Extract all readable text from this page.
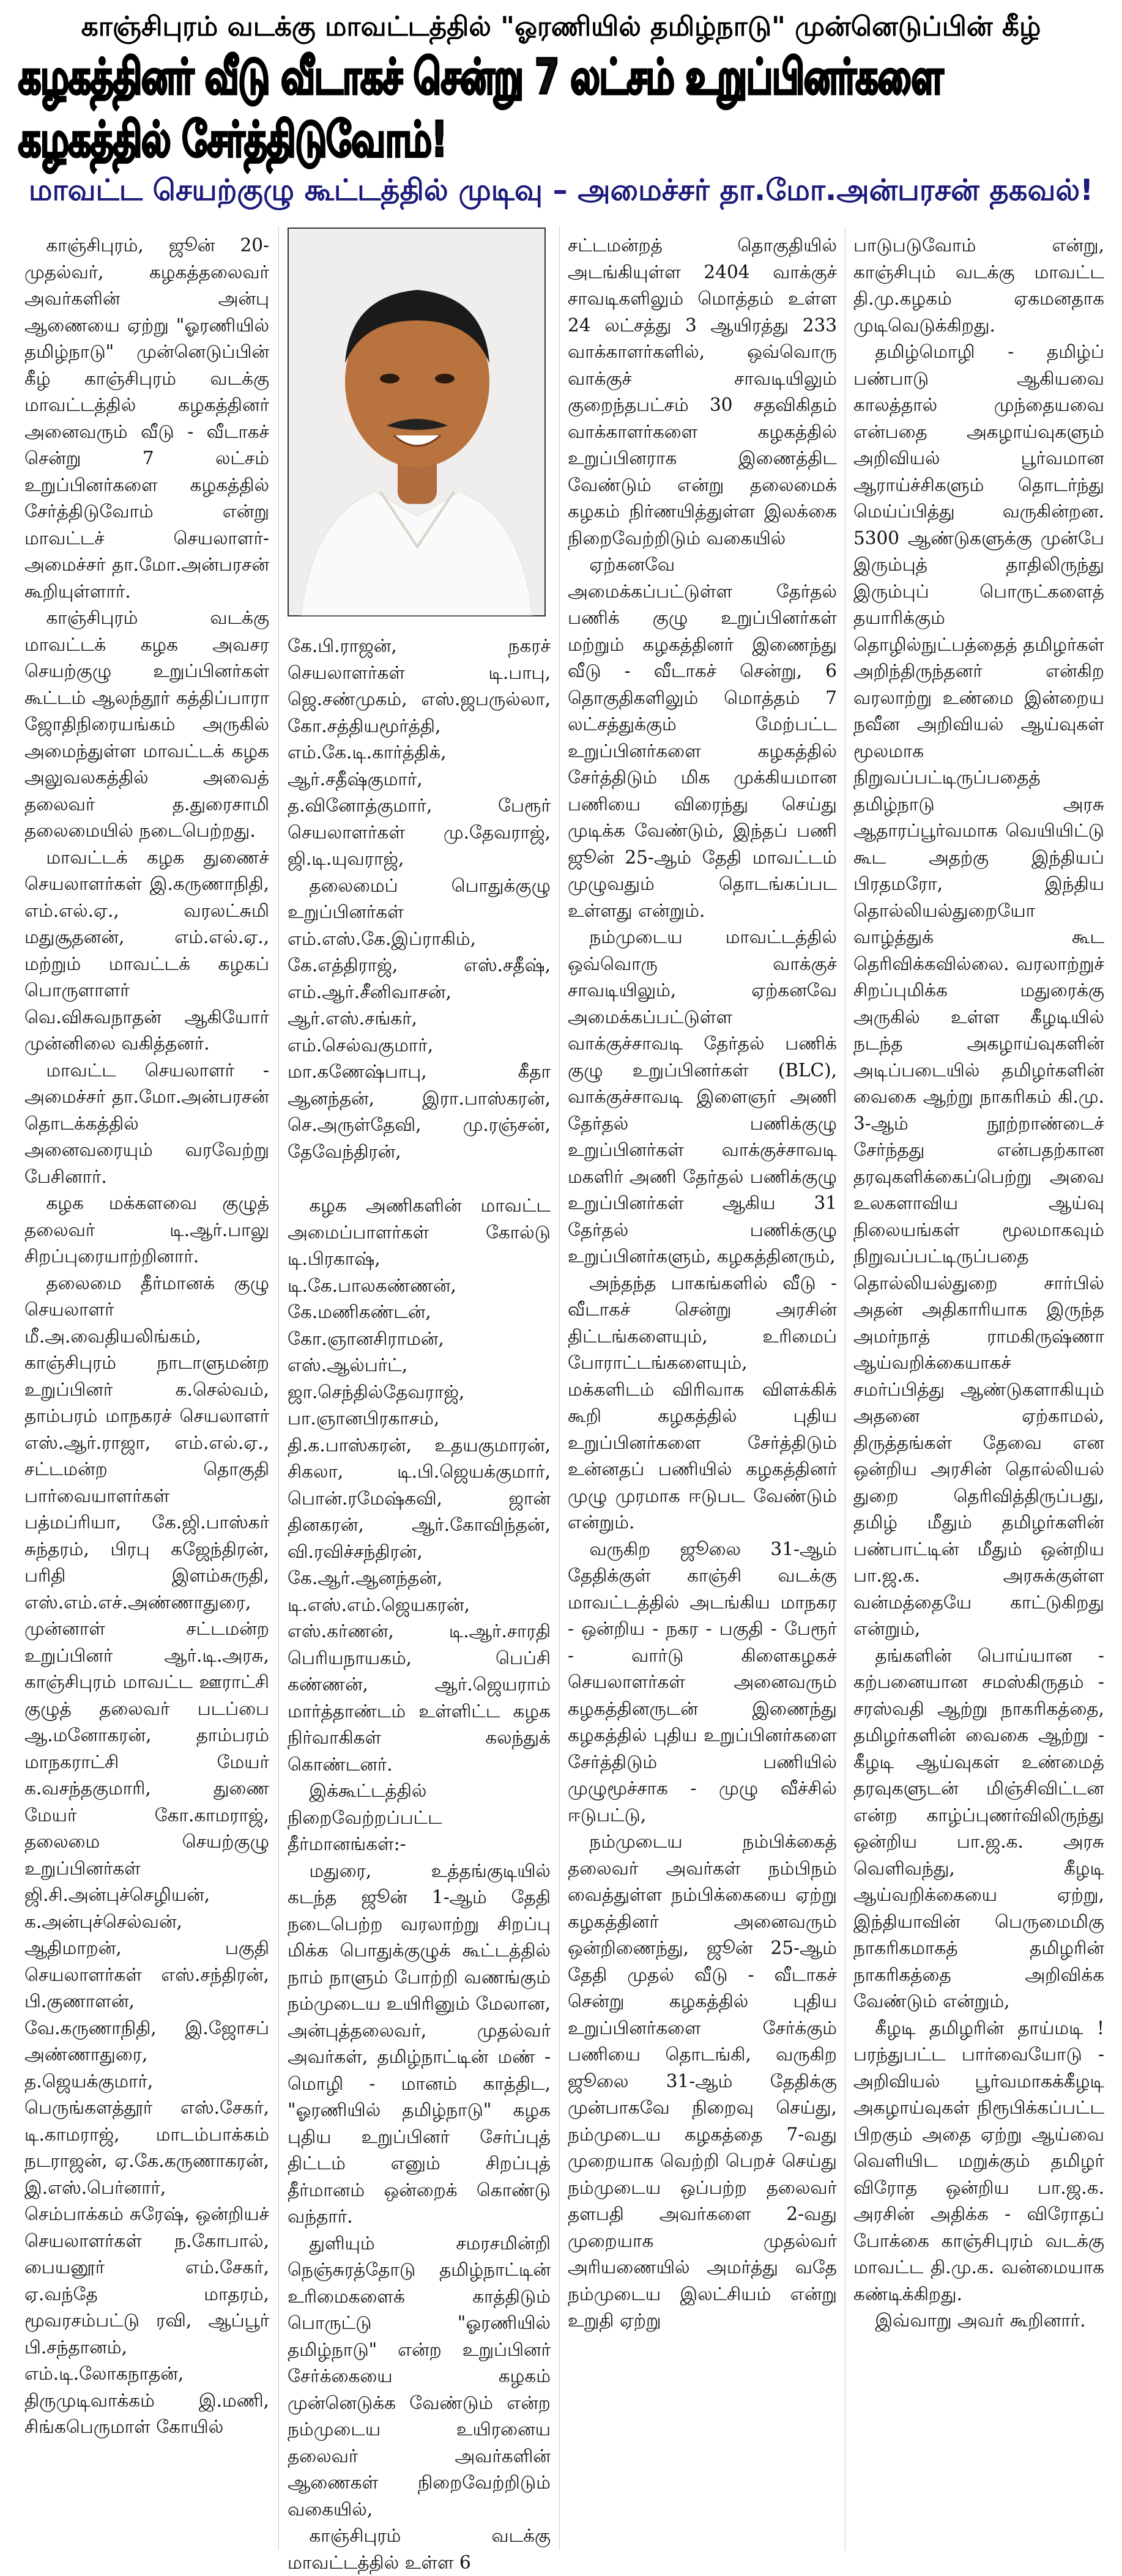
காஞ்சிபுரம் வடக்கு மாவட்டத்தில் "ஓரணியில் தமிழ்நாடு" முன்னெடுப்பின் கீழ்
கழகத்தினர் வீடு வீடாகச் சென்று 7 லட்சம் உறுப்பினர்களை கழகத்தில் சேர்த்திடுவோம்!
மாவட்ட செயற்குழு கூட்டத்தில் முடிவு – அமைச்சர் தா.மோ.அன்பரசன் தகவல்!

காஞ்சிபுரம், ஜூன் 20- முதல்வர், கழகத்தலைவர் அவர்களின் அன்பு ஆணையை ஏற்று "ஓரணியில் தமிழ்நாடு" முன்னெடுப்பின் கீழ் காஞ்சிபுரம் வடக்கு மாவட்டத்தில் கழகத்தினர் அனைவரும் வீடு - வீடாகச் சென்று 7 லட்சம் உறுப்பினர்களை கழகத்தில் சேர்த்திடுவோம் என்று மாவட்டச் செயலாளர்- அமைச்சர் தா.மோ.அன்பரசன் கூறியுள்ளார்.

காஞ்சிபுரம் வடக்கு மாவட்டக் கழக அவசர செயற்குழு உறுப்பினர்கள் கூட்டம் ஆலந்தூர் கத்திப்பாரா ஜோதிநிரையங்கம் அருகில் அமைந்துள்ள மாவட்டக் கழக அலுவலகத்தில் அவைத் தலைவர் த.துரைசாமி தலைமையில் நடைபெற்றது.

மாவட்டக் கழக துணைச் செயலாளர்கள் இ.கருணாநிதி, எம்.எல்.ஏ., வரலட்சுமி மதுசூதனன், எம்.எல்.ஏ., மற்றும் மாவட்டக் கழகப் பொருளாளர் வெ.விசுவநாதன் ஆகியோர் முன்னிலை வகித்தனர்.

மாவட்ட செயலாளர் - அமைச்சர் தா.மோ.அன்பரசன் தொடக்கத்தில் அனைவரையும் வரவேற்று பேசினார்.

கழக மக்களவை குழுத் தலைவர் டி.ஆர்.பாலு சிறப்புரையாற்றினார்.

தலைமை தீர்மானக் குழு செயலாளர் மீ.அ.வைதியலிங்கம், காஞ்சிபுரம் நாடாளுமன்ற உறுப்பினர் க.செல்வம், தாம்பரம் மாநகரச் செயலாளர் எஸ்.ஆர்.ராஜா, எம்.எல்.ஏ., சட்டமன்ற தொகுதி பார்வையாளர்கள் பத்மப்ரியா, கே.ஜி.பாஸ்கர் சுந்தரம், பிரபு கஜேந்திரன், பரிதி இளம்சுருதி, எஸ்.எம்.எச்.அண்ணாதுரை, முன்னாள் சட்டமன்ற உறுப்பினர் ஆர்.டி.அரசு, காஞ்சிபுரம் மாவட்ட ஊராட்சி குழுத் தலைவர் படப்பை ஆ.மனோகரன், தாம்பரம் மாநகராட்சி மேயர் க.வசந்தகுமாரி, துணை மேயர் கோ.காமராஜ், தலைமை செயற்குழு உறுப்பினர்கள் ஜி.சி.அன்புச்செழியன், க.அன்புச்செல்வன், ஆதிமாறன், பகுதி செயலாளர்கள் எஸ்.சந்திரன், பி.குணாளன், வே.கருணாநிதி, இ.ஜோசப் அண்ணாதுரை, த.ஜெயக்குமார், பெருங்களத்தூர் எஸ்.சேகர், டி.காமராஜ், மாடம்பாக்கம் நடராஜன், ஏ.கே.கருணாகரன், இ.எஸ்.பெர்னார், செம்பாக்கம் சுரேஷ், ஒன்றியச் செயலாளர்கள் ந.கோபால், பையனூர் எம்.சேகர், ஏ.வந்தே மாதரம், மூவரசம்பட்டு ரவி, ஆப்பூர் பி.சந்தானம், எம்.டி.லோகநாதன், திருமுடிவாக்கம் இ.மணி, சிங்கபெருமாள் கோயில்

கே.பி.ராஜன், நகரச் செயலாளர்கள் டி.பாபு, ஜெ.சண்முகம், எஸ்.ஜபருல்லா, கோ.சத்தியமூர்த்தி, எம்.கே.டி.கார்த்திக், ஆர்.சதீஷ்குமார், த.வினோத்குமார், பேரூர் செயலாளர்கள் மு.தேவராஜ், ஜி.டி.யுவராஜ்,

தலைமைப் பொதுக்குழு உறுப்பினர்கள் எம்.எஸ்.கே.இப்ராகிம், கே.எத்திராஜ், எஸ்.சதீஷ், எம்.ஆர்.சீனிவாசன், ஆர்.எஸ்.சங்கர், எம்.செல்வகுமார், மா.கணேஷ்பாபு, கீதா ஆனந்தன், இரா.பாஸ்கரன், செ.அருள்தேவி, மு.ரஞ்சன், தேவேந்திரன்,

கழக அணிகளின் மாவட்ட அமைப்பாளர்கள் கோல்டு டி.பிரகாஷ், டி.கே.பாலகண்ணன், கே.மணிகண்டன், கோ.ஞானசிராமன், எஸ்.ஆல்பர்ட், ஜா.செந்தில்தேவராஜ், பா.ஞானபிரகாசம், தி.க.பாஸ்கரன், உதயகுமாரன், சிகலா, டி.பி.ஜெயக்குமார், பொன்.ரமேஷ்கவி, ஜான் தினகரன், ஆர்.கோவிந்தன், வி.ரவிச்சந்திரன், கே.ஆர்.ஆனந்தன், டி.எஸ்.எம்.ஜெயகரன், எஸ்.கர்ணன், டி.ஆர்.சாரதி பெரியநாயகம், பெப்சி கண்ணன், ஆர்.ஜெயராம் மார்த்தாண்டம் உள்ளிட்ட கழக நிர்வாகிகள் கலந்துக் கொண்டனர்.

இக்கூட்டத்தில் நிறைவேற்றப்பட்ட தீர்மானங்கள்:-

மதுரை, உத்தங்குடியில் கடந்த ஜூன் 1-ஆம் தேதி நடைபெற்ற வரலாற்று சிறப்பு மிக்க பொதுக்குழுக் கூட்டத்தில் நாம் நாளும் போற்றி வணங்கும் நம்முடைய உயிரினும் மேலான, அன்புத்தலைவர், முதல்வர் அவர்கள், தமிழ்நாட்டின் மண் - மொழி - மானம் காத்திட, "ஓரணியில் தமிழ்நாடு" கழக புதிய உறுப்பினர் சேர்ப்புத் திட்டம் எனும் சிறப்புத் தீர்மானம் ஒன்றைக் கொண்டு வந்தார்.

துளியும் சமரசமின்றி நெஞ்சுரத்தோடு தமிழ்நாட்டின் உரிமைகளைக் காத்திடும் பொருட்டு "ஓரணியில் தமிழ்நாடு" என்ற உறுப்பினர் சேர்க்கையை கழகம் முன்னெடுக்க வேண்டும் என்ற நம்முடைய உயிரனைய தலைவர் அவர்களின் ஆணைகள் நிறைவேற்றிடும் வகையில்,

காஞ்சிபுரம் வடக்கு மாவட்டத்தில் உள்ள 6

சட்டமன்றத் தொகுதியில் அடங்கியுள்ள 2404 வாக்குச் சாவடிகளிலும் மொத்தம் உள்ள 24 லட்சத்து 3 ஆயிரத்து 233 வாக்காளர்களில், ஒவ்வொரு வாக்குச் சாவடியிலும் குறைந்தபட்சம் 30 சதவிகிதம் வாக்காளர்களை கழகத்தில் உறுப்பினராக இணைத்திட வேண்டும் என்று தலைமைக் கழகம் நிர்ணயித்துள்ள இலக்கை நிறைவேற்றிடும் வகையில்

ஏற்கனவே அமைக்கப்பட்டுள்ள தேர்தல் பணிக் குழு உறுப்பினர்கள் மற்றும் கழகத்தினர் இணைந்து வீடு - வீடாகச் சென்று, 6 தொகுதிகளிலும் மொத்தம் 7 லட்சத்துக்கும் மேற்பட்ட உறுப்பினர்களை கழகத்தில் சேர்த்திடும் மிக முக்கியமான பணியை விரைந்து செய்து முடிக்க வேண்டும், இந்தப் பணி ஜூன் 25-ஆம் தேதி மாவட்டம் முழுவதும் தொடங்கப்பட உள்ளது என்றும்.

நம்முடைய மாவட்டத்தில் ஒவ்வொரு வாக்குச் சாவடியிலும், ஏற்கனவே அமைக்கப்பட்டுள்ள வாக்குச்சாவடி தேர்தல் பணிக் குழு உறுப்பினர்கள் (BLC), வாக்குச்சாவடி இளைஞர் அணி தேர்தல் பணிக்குழு உறுப்பினர்கள் வாக்குச்சாவடி மகளிர் அணி தேர்தல் பணிக்குழு உறுப்பினர்கள் ஆகிய 31 தேர்தல் பணிக்குழு உறுப்பினர்களும், கழகத்தினரும்,

அந்தந்த பாகங்களில் வீடு - வீடாகச் சென்று அரசின் திட்டங்களையும், உரிமைப் போராட்டங்களையும், மக்களிடம் விரிவாக விளக்கிக் கூறி கழகத்தில் புதிய உறுப்பினர்களை சேர்த்திடும் உன்னதப் பணியில் கழகத்தினர் முழு முரமாக ஈடுபட வேண்டும் என்றும்.

வருகிற ஜூலை 31-ஆம் தேதிக்குள் காஞ்சி வடக்கு மாவட்டத்தில் அடங்கிய மாநகர - ஒன்றிய - நகர - பகுதி - பேரூர் - வார்டு கிளைகழகச் செயலாளர்கள் அனைவரும் கழகத்தினருடன் இணைந்து கழகத்தில் புதிய உறுப்பினர்களை சேர்த்திடும் பணியில் முழுமூச்சாக - முழு வீச்சில் ஈடுபட்டு,

நம்முடைய நம்பிக்கைத் தலைவர் அவர்கள் நம்பிநம் வைத்துள்ள நம்பிக்கையை ஏற்று கழகத்தினர் அனைவரும் ஒன்றிணைந்து, ஜூன் 25-ஆம் தேதி முதல் வீடு - வீடாகச் சென்று கழகத்தில் புதிய உறுப்பினர்களை சேர்க்கும் பணியை தொடங்கி, வருகிற ஜூலை 31-ஆம் தேதிக்கு முன்பாகவே நிறைவு செய்து, நம்முடைய கழகத்தை 7-வது முறையாக வெற்றி பெறச் செய்து நம்முடைய ஒப்பற்ற தலைவர் தளபதி அவர்களை 2-வது முறையாக முதல்வர் அரியணையில் அமர்த்து வதே நம்முடைய இலட்சியம் என்று உறுதி ஏற்று

பாடுபடுவோம் என்று, காஞ்சிபும் வடக்கு மாவட்ட தி.மு.கழகம் ஏகமனதாக முடிவெடுக்கிறது.

தமிழ்மொழி - தமிழ்ப் பண்பாடு ஆகியவை காலத்தால் முந்தையவை என்பதை அகழாய்வுகளும் அறிவியல் பூர்வமான ஆராய்ச்சிகளும் தொடர்ந்து மெய்ப்பித்து வருகின்றன. 5300 ஆண்டுகளுக்கு முன்பே இரும்புத் தாதிலிருந்து இரும்புப் பொருட்களைத் தயாரிக்கும் தொழில்நுட்பத்தைத் தமிழர்கள் அறிந்திருந்தனர் என்கிற வரலாற்று உண்மை இன்றைய நவீன அறிவியல் ஆய்வுகள் மூலமாக நிறுவப்பட்டிருப்பதைத் தமிழ்நாடு அரசு ஆதாரப்பூர்வமாக வெயியிட்டு கூட அதற்கு இந்தியப் பிரதமரோ, இந்திய தொல்லியல்துறையோ வாழ்த்துக் கூட தெரிவிக்கவில்லை. வரலாற்றுச் சிறப்புமிக்க மதுரைக்கு அருகில் உள்ள கீழடியில் நடந்த அகழாய்வுகளின் அடிப்படையில் தமிழர்களின் வைகை ஆற்று நாகரிகம் கி.மு. 3-ஆம் நூற்றாண்டைச் சேர்ந்தது என்பதற்கான தரவுகளிக்கைப்பெற்று அவை உலகளாவிய ஆய்வு நிலையங்கள் மூலமாகவும் நிறுவப்பட்டிருப்பதை தொல்லியல்துறை சார்பில் அதன் அதிகாரியாக இருந்த அமர்நாத் ராமகிருஷ்ணா ஆய்வறிக்கையாகச் சமர்ப்பித்து ஆண்டுகளாகியும் அதனை ஏற்காமல், திருத்தங்கள் தேவை என ஒன்றிய அரசின் தொல்லியல் துறை தெரிவித்திருப்பது, தமிழ் மீதும் தமிழர்களின் பண்பாட்டின் மீதும் ஒன்றிய பா.ஜ.க. அரசுக்குள்ள வன்மத்தையே காட்டுகிறது என்றும்,

தங்களின் பொய்யான - கற்பனையான சமஸ்கிருதம் - சரஸ்வதி ஆற்று நாகரிகத்தை, தமிழர்களின் வைகை ஆற்று - கீழடி ஆய்வுகள் உண்மைத் தரவுகளுடன் மிஞ்சிவிட்டன என்ற காழ்ப்புணர்விலிருந்து ஒன்றிய பா.ஜ.க. அரசு வெளிவந்து, கீழடி ஆய்வறிக்கையை ஏற்று, இந்தியாவின் பெருமைமிகு நாகரிகமாகத் தமிழரின் நாகரிகத்தை அறிவிக்க வேண்டும் என்றும்,

கீழடி தமிழரின் தாய்மடி ! பரந்துபட்ட பார்வையோடு - அறிவியல் பூர்வமாகக்கீழடி அகழாய்வுகள் நிரூபிக்கப்பட்ட பிறகும் அதை ஏற்று ஆய்வை வெளியிட மறுக்கும் தமிழர் விரோத ஒன்றிய பா.ஜ.க. அரசின் அதிக்க - விரோதப் போக்கை காஞ்சிபுரம் வடக்கு மாவட்ட தி.மு.க. வன்மையாக கண்டிக்கிறது.

இவ்வாறு அவர் கூறினார்.
